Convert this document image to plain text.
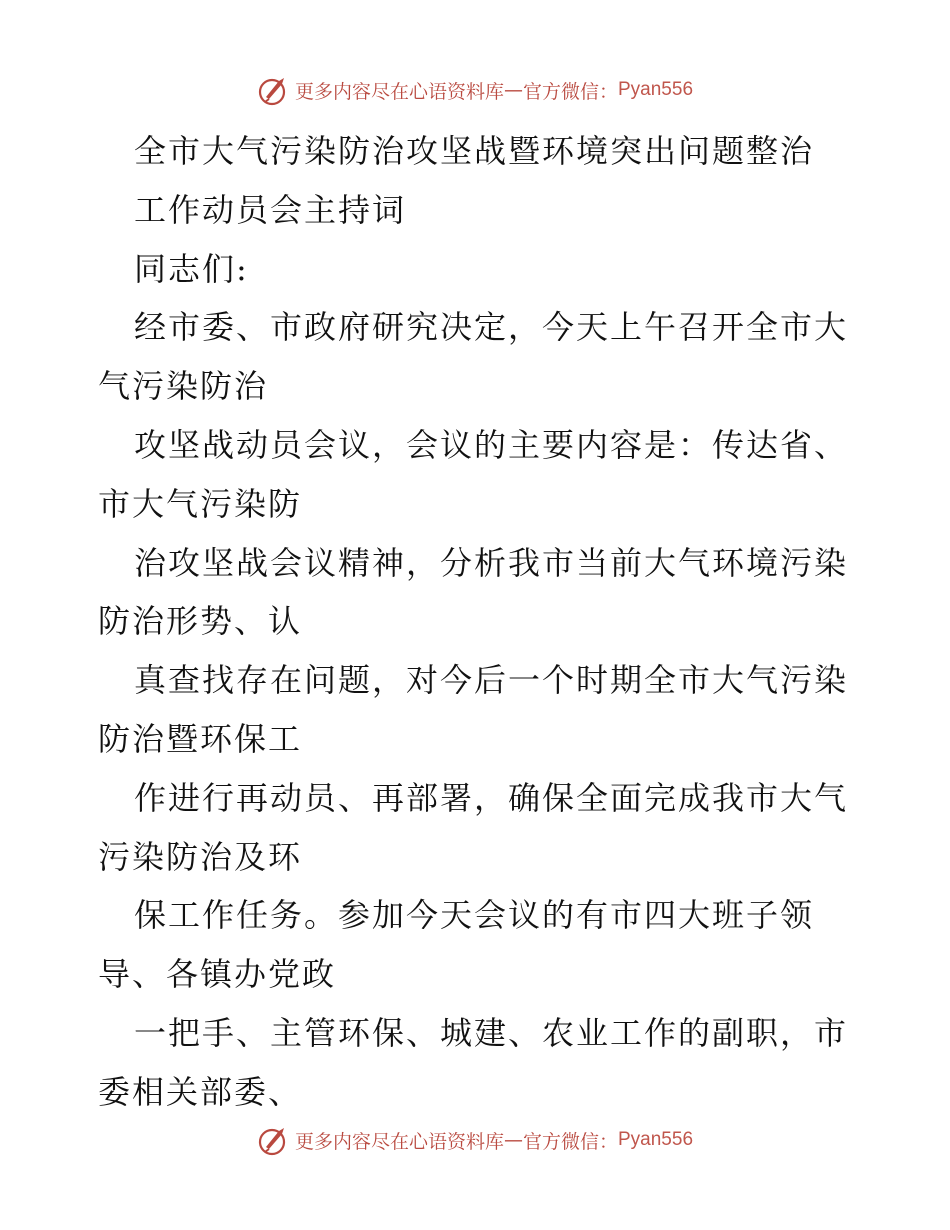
更多内容尽在心语资料库 — 官方微信： Pyan556
全市大气污染防治攻坚战暨环境突出问题整治
工作动员会主持词
同志们:
经市委、市政府研究决定，今天上午召开全市大
气污染防治
攻坚战动员会议，会议的主要内容是：传达省、
市大气污染防
治攻坚战会议精神，分析我市当前大气环境污染
防治形势、认
真查找存在问题，对今后一个时期全市大气污染
防治暨环保工
作进行再动员、再部署，确保全面完成我市大气
污染防治及环
保工作任务。参加今天会议的有市四大班子领
导、各镇办党政
一把手、主管环保、城建、农业工作的副职，市
委相关部委、
更多内容尽在心语资料库 — 官方微信： Pyan556
